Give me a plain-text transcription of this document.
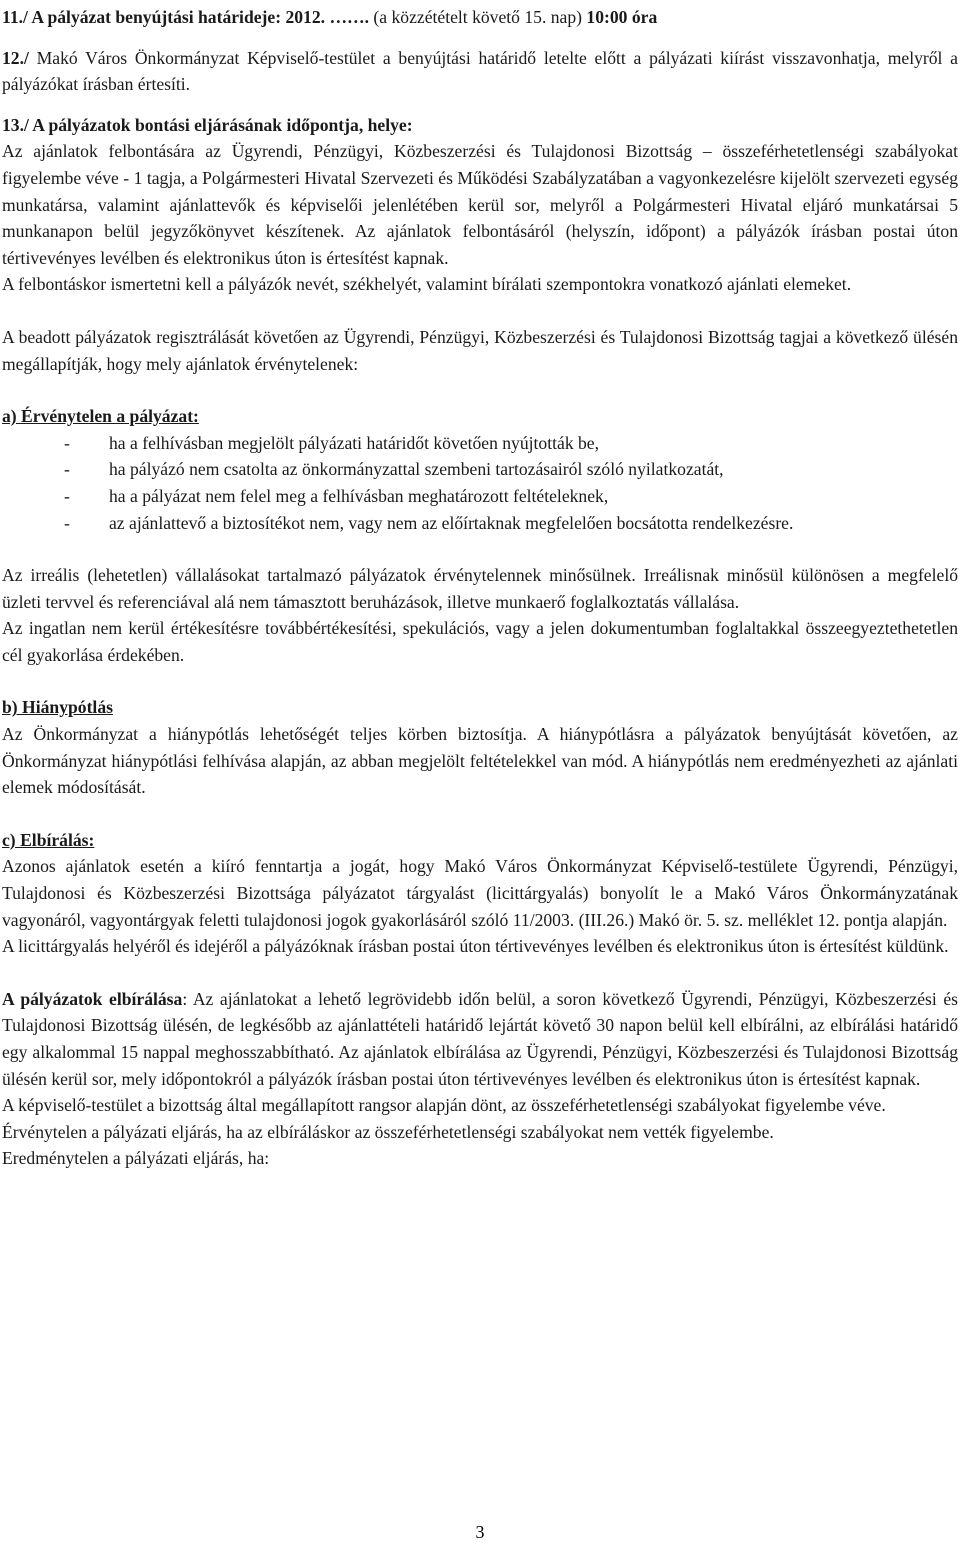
11./ A pályázat benyújtási határideje: 2012. ……. (a közzétételt követő 15. nap) 10:00 óra

12./ Makó Város Önkormányzat Képviselő-testület a benyújtási határidő letelte előtt a pályázati kiírást visszavonhatja, melyről a pályázókat írásban értesíti.

13./ A pályázatok bontási eljárásának időpontja, helye:

Az ajánlatok felbontására az Ügyrendi, Pénzügyi, Közbeszerzési és Tulajdonosi Bizottság – összeférhetetlenségi szabályokat figyelembe véve - 1 tagja, a Polgármesteri Hivatal Szervezeti és Működési Szabályzatában a vagyonkezelésre kijelölt szervezeti egység munkatársa, valamint ajánlattevők és képviselői jelenlétében kerül sor, melyről a Polgármesteri Hivatal eljáró munkatársai 5 munkanapon belül jegyzőkönyvet készítenek. Az ajánlatok felbontásáról (helyszín, időpont) a pályázók írásban postai úton tértivevényes levélben és elektronikus úton is értesítést kapnak.

A felbontáskor ismertetni kell a pályázók nevét, székhelyét, valamint bírálati szempontokra vonatkozó ajánlati elemeket.

A beadott pályázatok regisztrálását követően az Ügyrendi, Pénzügyi, Közbeszerzési és Tulajdonosi Bizottság tagjai a következő ülésén megállapítják, hogy mely ajánlatok érvénytelenek:

a) Érvénytelen a pályázat:

- ha a felhívásban megjelölt pályázati határidőt követően nyújtották be,
- ha pályázó nem csatolta az önkormányzattal szembeni tartozásairól szóló nyilatkozatát,
- ha a pályázat nem felel meg a felhívásban meghatározott feltételeknek,
- az ajánlattevő a biztosítékot nem, vagy nem az előírtaknak megfelelően bocsátotta rendelkezésre.

Az irreális (lehetetlen) vállalásokat tartalmazó pályázatok érvénytelennek minősülnek. Irreálisnak minősül különösen a megfelelő üzleti tervvel és referenciával alá nem támasztott beruházások, illetve munkaerő foglalkoztatás vállalása.

Az ingatlan nem kerül értékesítésre továbbértékesítési, spekulációs, vagy a jelen dokumentumban foglaltakkal összeegyeztethetetlen cél gyakorlása érdekében.

b) Hiánypótlás

Az Önkormányzat a hiánypótlás lehetőségét teljes körben biztosítja. A hiánypótlásra a pályázatok benyújtását követően, az Önkormányzat hiánypótlási felhívása alapján, az abban megjelölt feltételekkel van mód. A hiánypótlás nem eredményezheti az ajánlati elemek módosítását.

c) Elbírálás:

Azonos ajánlatok esetén a kiíró fenntartja a jogát, hogy Makó Város Önkormányzat Képviselő-testülete Ügyrendi, Pénzügyi, Tulajdonosi és Közbeszerzési Bizottsága pályázatot tárgyalást (licittárgyalás) bonyolít le a Makó Város Önkormányzatának vagyonáról, vagyontárgyak feletti tulajdonosi jogok gyakorlásáról szóló 11/2003. (III.26.) Makó ör. 5. sz. melléklet 12. pontja alapján.

A licittárgyalás helyéről és idejéről a pályázóknak írásban postai úton tértivevényes levélben és elektronikus úton is értesítést küldünk.

A pályázatok elbírálása: Az ajánlatokat a lehető legrövidebb időn belül, a soron következő Ügyrendi, Pénzügyi, Közbeszerzési és Tulajdonosi Bizottság ülésén, de legkésőbb az ajánlattételi határidő lejártát követő 30 napon belül kell elbírálni, az elbírálási határidő egy alkalommal 15 nappal meghosszabbítható. Az ajánlatok elbírálása az Ügyrendi, Pénzügyi, Közbeszerzési és Tulajdonosi Bizottság ülésén kerül sor, mely időpontokról a pályázók írásban postai úton tértivevényes levélben és elektronikus úton is értesítést kapnak.

A képviselő-testület a bizottság által megállapított rangsor alapján dönt, az összeférhetetlenségi szabályokat figyelembe véve.

Érvénytelen a pályázati eljárás, ha az elbíráláskor az összeférhetetlenségi szabályokat nem vették figyelembe.

Eredménytelen a pályázati eljárás, ha:

3
